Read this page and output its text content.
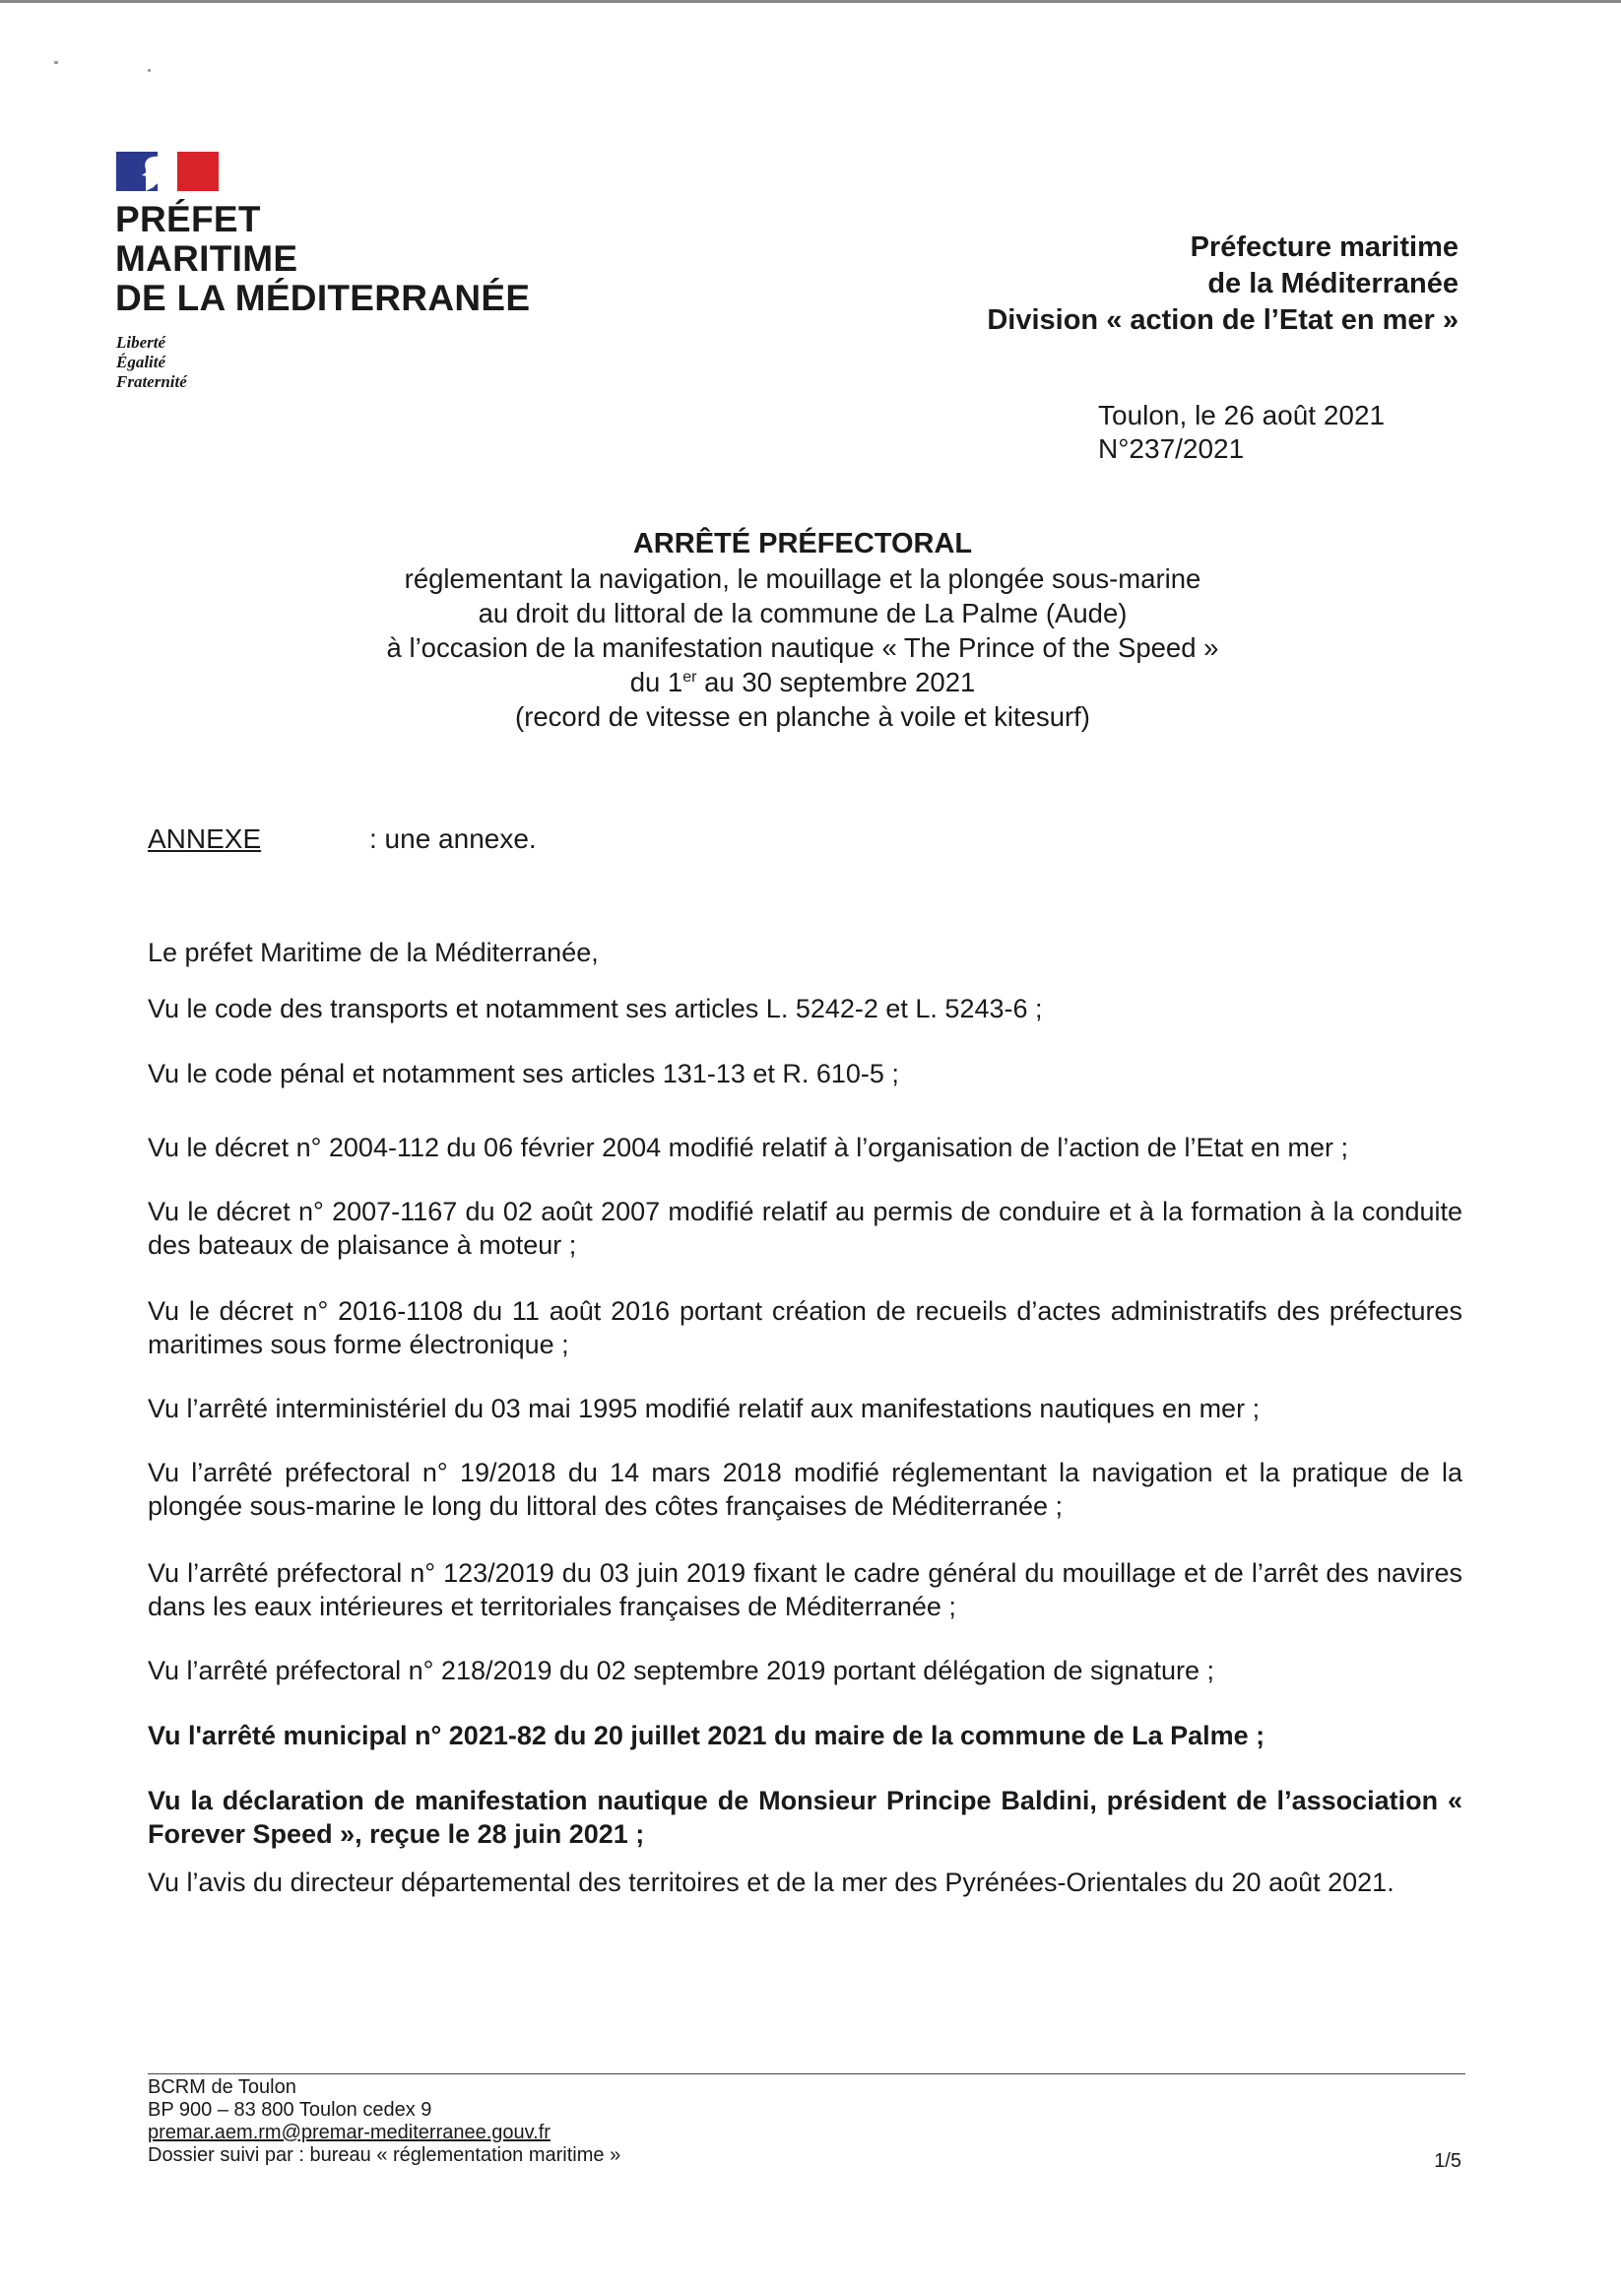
PRÉFET
MARITIME
DE LA MÉDITERRANÉE
Liberté
Égalité
Fraternité
Préfecture maritime
de la Méditerranée
Division « action de l’Etat en mer »
Toulon, le 26 août 2021
N°237/2021
ARRÊTÉ PRÉFECTORAL
réglementant la navigation, le mouillage et la plongée sous-marine
au droit du littoral de la commune de La Palme (Aude)
à l’occasion de la manifestation nautique « The Prince of the Speed »
du 1er au 30 septembre 2021
(record de vitesse en planche à voile et kitesurf)
ANNEXE	: une annexe.
Le préfet Maritime de la Méditerranée,
Vu le code des transports et notamment ses articles L. 5242-2 et L. 5243-6 ;
Vu le code pénal et notamment ses articles 131-13 et R. 610-5 ;
Vu le décret n° 2004-112 du 06 février 2004 modifié relatif à l’organisation de l’action de l’Etat en mer ;
Vu le décret n° 2007-1167 du 02 août 2007 modifié relatif au permis de conduire et à la formation à la conduite des bateaux de plaisance à moteur ;
Vu le décret n° 2016-1108 du 11 août 2016 portant création de recueils d’actes administratifs des préfectures maritimes sous forme électronique ;
Vu l’arrêté interministériel du 03 mai 1995 modifié relatif aux manifestations nautiques en mer ;
Vu l’arrêté préfectoral n° 19/2018 du 14 mars 2018 modifié réglementant la navigation et la pratique de la plongée sous-marine le long du littoral des côtes françaises de Méditerranée ;
Vu l’arrêté préfectoral n° 123/2019 du 03 juin 2019 fixant le cadre général du mouillage et de l’arrêt des navires dans les eaux intérieures et territoriales françaises de Méditerranée ;
Vu l’arrêté préfectoral n° 218/2019 du 02 septembre 2019 portant délégation de signature ;
Vu l'arrêté municipal n° 2021-82 du 20 juillet 2021 du maire de la commune de La Palme ;
Vu la déclaration de manifestation nautique de Monsieur Principe Baldini, président de l’association « Forever Speed », reçue le 28 juin 2021 ;
Vu l’avis du directeur départemental des territoires et de la mer des Pyrénées-Orientales du 20 août 2021.
BCRM de Toulon
BP 900 – 83 800 Toulon cedex 9
premar.aem.rm@premar-mediterranee.gouv.fr
Dossier suivi par : bureau « réglementation maritime »	1/5
